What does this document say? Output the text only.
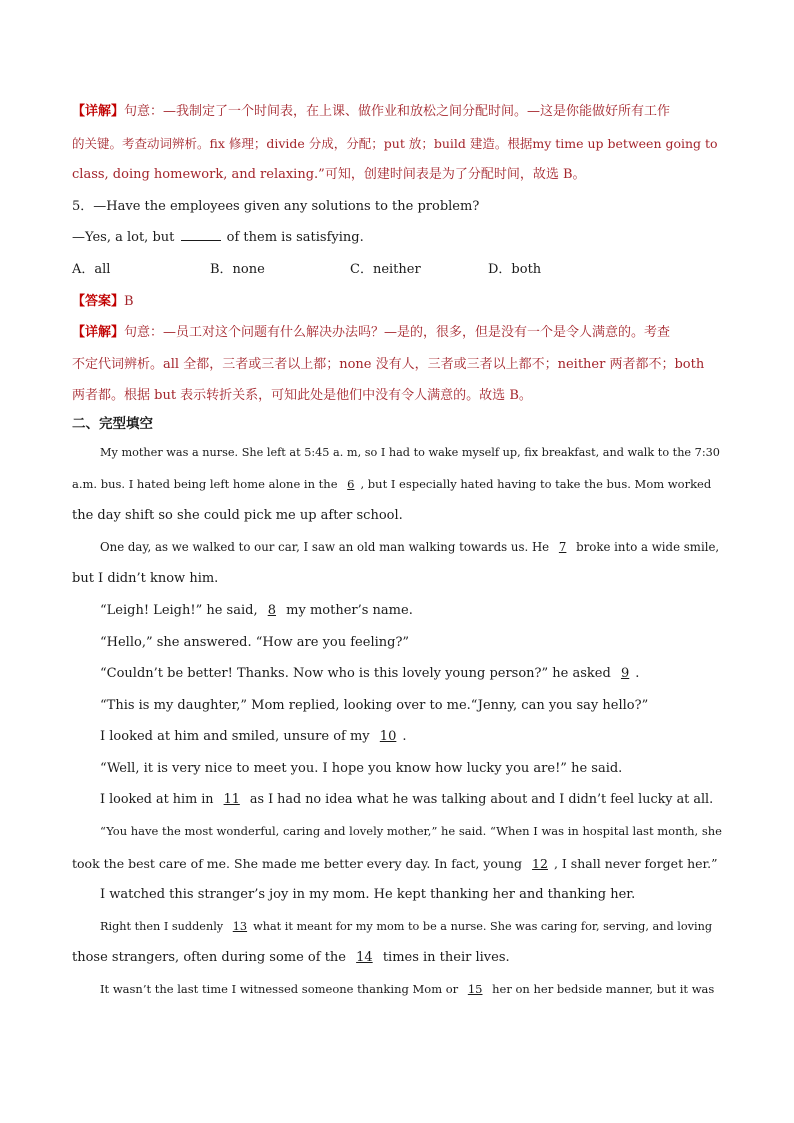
【详解】句意：—我制定了一个时间表，在上课、做作业和放松之间分配时间。—这是你能做好所有工作
的关键。考查动词辨析。fix 修理；divide 分成，分配；put 放；build 建造。根据my time up between going to
class, doing homework, and relaxing.”可知，创建时间表是为了分配时间，故选 B。
5．—Have the employees given any solutions to the problem?
—Yes, a lot, but	of them is satisfying.
A．all	B．none	C．neither	D．both
【答案】B
【详解】句意：—员工对这个问题有什么解决办法吗？—是的，很多，但是没有一个是令人满意的。考查
不定代词辨析。all 全都，三者或三者以上都；none 没有人，三者或三者以上都不；neither 两者都不；both
两者都。根据 but 表示转折关系，可知此处是他们中没有令人满意的。故选 B。
二、完型填空
My mother was a nurse. She left at 5:45 a. m, so I had to wake myself up, fix breakfast, and walk to the 7:30
a.m. bus. I hated being left home alone in the 6 , but I especially hated having to take the bus. Mom worked
the day shift so she could pick me up after school.
One day, as we walked to our car, I saw an old man walking towards us. He 7 broke into a wide smile,
but I didn’t know him.
“Leigh! Leigh!” he said, 8 my mother’s name.
“Hello,” she answered. “How are you feeling?”
“Couldn’t be better! Thanks. Now who is this lovely young person?” he asked 9 .
“This is my daughter,” Mom replied, looking over to me.“Jenny, can you say hello?”
I looked at him and smiled, unsure of my 10 .
“Well, it is very nice to meet you. I hope you know how lucky you are!” he said.
I looked at him in 11 as I had no idea what he was talking about and I didn’t feel lucky at all.
“You have the most wonderful, caring and lovely mother,” he said. “When I was in hospital last month, she
took the best care of me. She made me better every day. In fact, young 12 , I shall never forget her.”
I watched this stranger’s joy in my mom. He kept thanking her and thanking her.
Right then I suddenly 13 what it meant for my mom to be a nurse. She was caring for, serving, and loving
those strangers, often during some of the 14 times in their lives.
It wasn’t the last time I witnessed someone thanking Mom or 15 her on her bedside manner, but it was
